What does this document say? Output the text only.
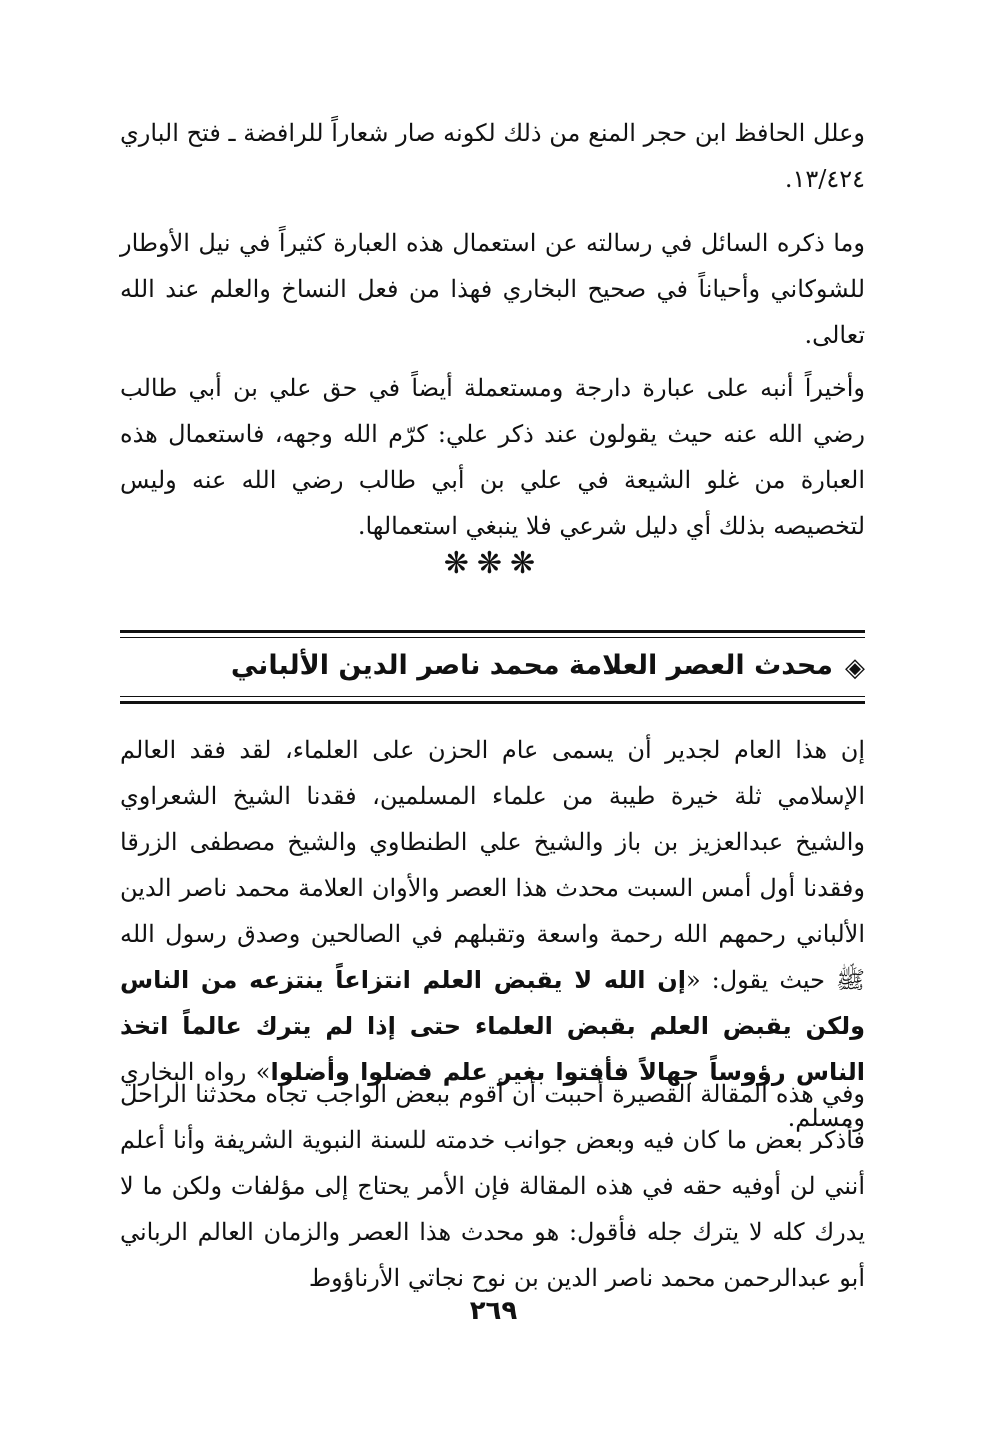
وعلل الحافظ ابن حجر المنع من ذلك لكونه صار شعاراً للرافضة ـ فتح الباري ١٣/٤٢٤.

وما ذكره السائل في رسالته عن استعمال هذه العبارة كثيراً في نيل الأوطار للشوكاني وأحياناً في صحيح البخاري فهذا من فعل النساخ والعلم عند الله تعالى.

وأخيراً أنبه على عبارة دارجة ومستعملة أيضاً في حق علي بن أبي طالب رضي الله عنه حيث يقولون عند ذكر علي: كرّم الله وجهه، فاستعمال هذه العبارة من غلو الشيعة في علي بن أبي طالب رضي الله عنه وليس لتخصيصه بذلك أي دليل شرعي فلا ينبغي استعمالها.

❋❋❋
◈محدث العصر العلامة محمد ناصر الدين الألباني

إن هذا العام لجدير أن يسمى عام الحزن على العلماء، لقد فقد العالم الإسلامي ثلة خيرة طيبة من علماء المسلمين، فقدنا الشيخ الشعراوي والشيخ عبدالعزيز بن باز والشيخ علي الطنطاوي والشيخ مصطفى الزرقا وفقدنا أول أمس السبت محدث هذا العصر والأوان العلامة محمد ناصر الدين الألباني رحمهم الله رحمة واسعة وتقبلهم في الصالحين وصدق رسول الله ﷺ حيث يقول: «إن الله لا يقبض العلم انتزاعاً ينتزعه من الناس ولكن يقبض العلم بقبض العلماء حتى إذا لم يترك عالماً اتخذ الناس رؤوساً جهالاً فأفتوا بغير علم فضلوا وأضلوا» رواه البخاري ومسلم.

وفي هذه المقالة القصيرة أحببت أن أقوم ببعض الواجب تجاه محدثنا الراحل فأذكر بعض ما كان فيه وبعض جوانب خدمته للسنة النبوية الشريفة وأنا أعلم أنني لن أوفيه حقه في هذه المقالة فإن الأمر يحتاج إلى مؤلفات ولكن ما لا يدرك كله لا يترك جله فأقول: هو محدث هذا العصر والزمان العالم الرباني أبو عبدالرحمن محمد ناصر الدين بن نوح نجاتي الأرناؤوط

٢٦٩
